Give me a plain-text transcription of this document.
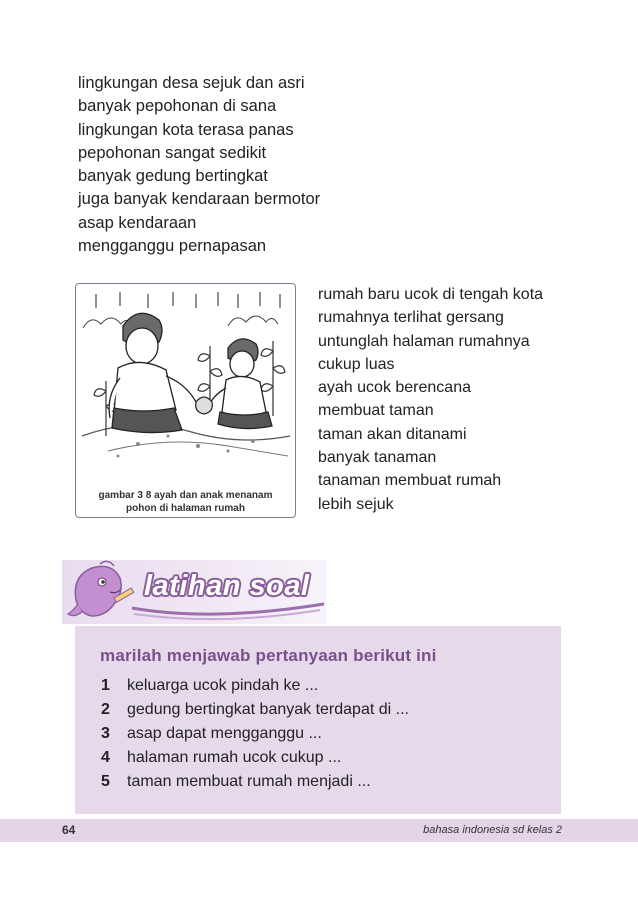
lingkungan desa sejuk dan asri
banyak pepohonan di sana
lingkungan kota terasa panas
pepohonan sangat sedikit
banyak gedung bertingkat
juga banyak kendaraan bermotor
asap kendaraan
mengganggu pernapasan
gambar 3 8 ayah dan anak menanam
pohon di halaman rumah
rumah baru ucok di tengah kota
rumahnya terlihat gersang
untunglah halaman rumahnya
cukup luas
ayah ucok berencana
membuat taman
taman akan ditanami
banyak tanaman
tanaman membuat rumah
lebih sejuk
latihan soal
marilah menjawab pertanyaan berikut ini
1 keluarga ucok pindah ke ...
2 gedung bertingkat banyak terdapat di ...
3 asap dapat mengganggu ...
4 halaman rumah ucok cukup ...
5 taman membuat rumah menjadi ...
64	bahasa indonesia sd kelas 2
